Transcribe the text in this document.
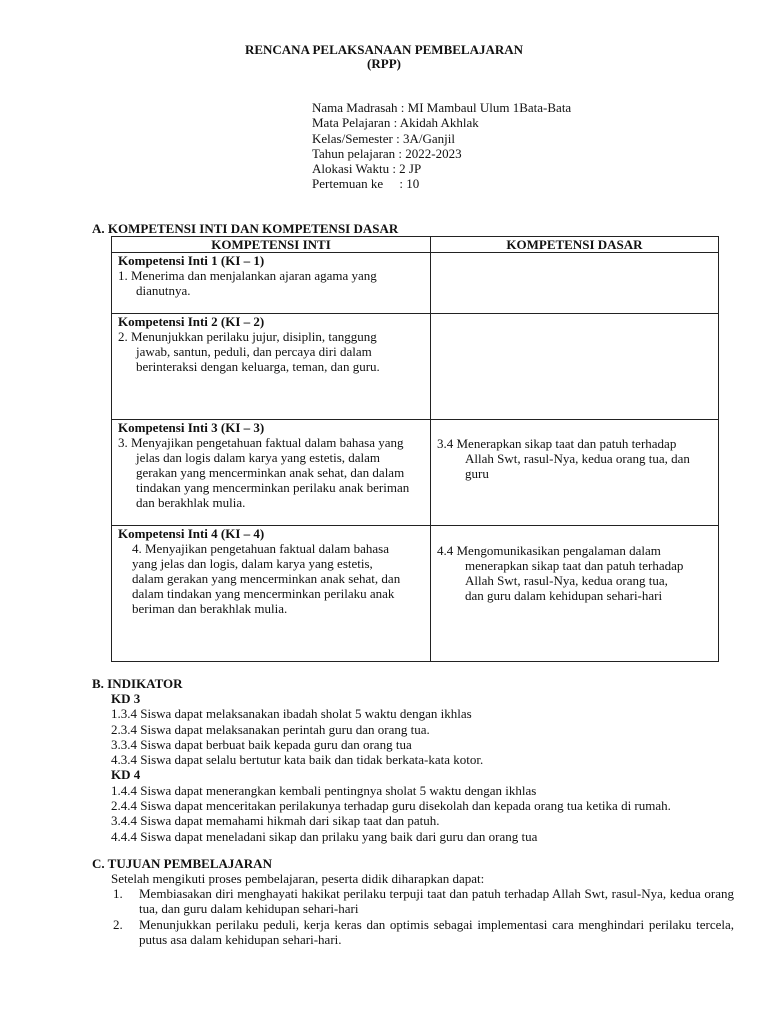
RENCANA PELAKSANAAN PEMBELAJARAN
(RPP)
Nama Madrasah : MI Mambaul Ulum 1Bata-Bata
Mata Pelajaran : Akidah Akhlak
Kelas/Semester : 3A/Ganjil
Tahun pelajaran : 2022-2023
Alokasi Waktu : 2 JP
Pertemuan ke     : 10
A. KOMPETENSI INTI DAN KOMPETENSI DASAR
KOMPETENSI INTI	KOMPETENSI DASAR

Kompetensi Inti 1 (KI – 1)
1. Menerima dan menjalankan ajaran agama yang dianutnya.	

Kompetensi Inti 2 (KI – 2)
2. Menunjukkan perilaku jujur, disiplin, tanggung jawab, santun, peduli, dan percaya diri dalam berinteraksi dengan keluarga, teman, dan guru.	

Kompetensi Inti 3 (KI – 3)
3. Menyajikan pengetahuan faktual dalam bahasa yang jelas dan logis dalam karya yang estetis, dalam gerakan yang mencerminkan anak sehat, dan dalam tindakan yang mencerminkan perilaku anak beriman dan berakhlak mulia.	3.4 Menerapkan sikap taat dan patuh terhadap Allah Swt, rasul-Nya, kedua orang tua, dan guru

Kompetensi Inti 4 (KI – 4)
4. Menyajikan pengetahuan faktual dalam bahasa yang jelas dan logis, dalam karya yang estetis, dalam gerakan yang mencerminkan anak sehat, dan dalam tindakan yang mencerminkan perilaku anak beriman dan berakhlak mulia.	4.4 Mengomunikasikan pengalaman dalam menerapkan sikap taat dan patuh terhadap Allah Swt, rasul-Nya, kedua orang tua, dan guru dalam kehidupan sehari-hari
B. INDIKATOR
KD 3
1.3.4 Siswa dapat melaksanakan ibadah sholat 5 waktu dengan ikhlas
2.3.4 Siswa dapat melaksanakan perintah guru dan orang tua.
3.3.4 Siswa dapat berbuat baik kepada guru dan orang tua
4.3.4 Siswa dapat selalu bertutur kata baik dan tidak berkata-kata kotor.
KD 4
1.4.4 Siswa dapat menerangkan kembali pentingnya sholat 5 waktu dengan ikhlas
2.4.4 Siswa dapat menceritakan perilakunya terhadap guru disekolah dan kepada orang tua ketika di rumah.
3.4.4 Siswa dapat memahami hikmah dari sikap taat dan patuh.
4.4.4 Siswa dapat meneladani sikap dan prilaku yang baik dari guru dan orang tua
C. TUJUAN PEMBELAJARAN
Setelah mengikuti proses pembelajaran, peserta didik diharapkan dapat:
1.	Membiasakan diri menghayati hakikat perilaku terpuji taat dan patuh terhadap Allah Swt, rasul-Nya, kedua orang tua, dan guru dalam kehidupan sehari-hari
2.	Menunjukkan perilaku peduli, kerja keras dan optimis sebagai implementasi cara menghindari perilaku tercela, putus asa dalam kehidupan sehari-hari.
